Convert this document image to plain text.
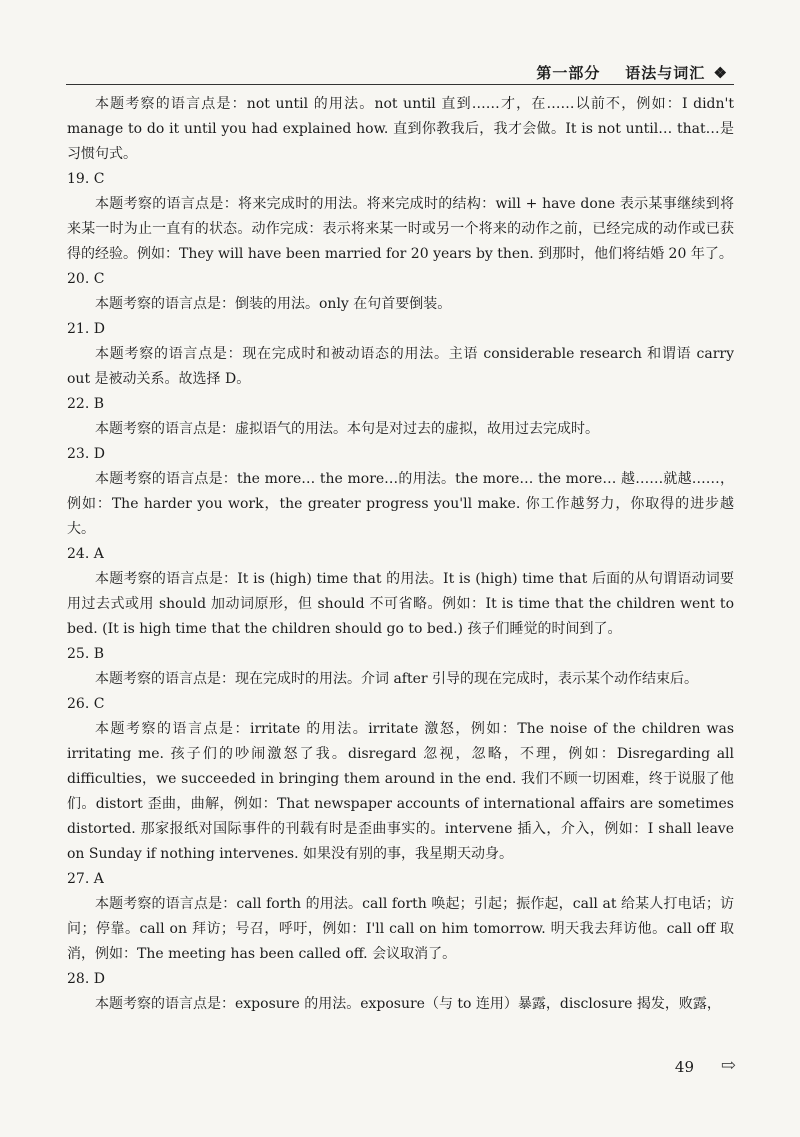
第一部分 语法与词汇 ❖

本题考察的语言点是：not until 的用法。not until 直到……才，在……以前不，例如：I didn't manage to do it until you had explained how. 直到你教我后，我才会做。It is not until… that…是习惯句式。

19. C

本题考察的语言点是：将来完成时的用法。将来完成时的结构：will + have done 表示某事继续到将来某一时为止一直有的状态。动作完成：表示将来某一时或另一个将来的动作之前，已经完成的动作或已获得的经验。例如：They will have been married for 20 years by then. 到那时，他们将结婚 20 年了。

20. C

本题考察的语言点是：倒装的用法。only 在句首要倒装。

21. D

本题考察的语言点是：现在完成时和被动语态的用法。主语 considerable research 和谓语 carry out 是被动关系。故选择 D。

22. B

本题考察的语言点是：虚拟语气的用法。本句是对过去的虚拟，故用过去完成时。

23. D

本题考察的语言点是：the more… the more…的用法。the more… the more… 越……就越……，例如：The harder you work，the greater progress you'll make. 你工作越努力，你取得的进步越大。

24. A

本题考察的语言点是：It is (high) time that 的用法。It is (high) time that 后面的从句谓语动词要用过去式或用 should 加动词原形，但 should 不可省略。例如：It is time that the children went to bed. (It is high time that the children should go to bed.) 孩子们睡觉的时间到了。

25. B

本题考察的语言点是：现在完成时的用法。介词 after 引导的现在完成时，表示某个动作结束后。

26. C

本题考察的语言点是：irritate 的用法。irritate 激怒，例如：The noise of the children was irritating me. 孩子们的吵闹激怒了我。disregard 忽视，忽略，不理，例如：Disregarding all difficulties，we succeeded in bringing them around in the end. 我们不顾一切困难，终于说服了他们。distort 歪曲，曲解，例如：That newspaper accounts of international affairs are sometimes distorted. 那家报纸对国际事件的刊载有时是歪曲事实的。intervene 插入，介入，例如：I shall leave on Sunday if nothing intervenes. 如果没有别的事，我星期天动身。

27. A

本题考察的语言点是：call forth 的用法。call forth 唤起；引起；振作起，call at 给某人打电话；访问；停靠。call on 拜访；号召，呼吁，例如：I'll call on him tomorrow. 明天我去拜访他。call off 取消，例如：The meeting has been called off. 会议取消了。

28. D

本题考察的语言点是：exposure 的用法。exposure（与 to 连用）暴露，disclosure 揭发，败露，

49 ⇨
